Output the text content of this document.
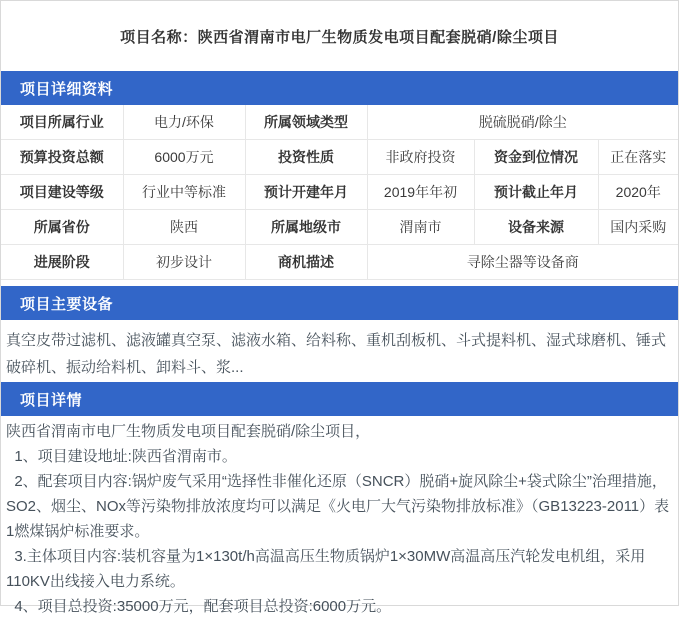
项目名称：陕西省渭南市电厂生物质发电项目配套脱硝/除尘项目
项目详细资料
项目所属行业	电力/环保	所属领域类型	脱硫脱硝/除尘		
预算投资总额	6000万元	投资性质	非政府投资	资金到位情况	正在落实
项目建设等级	行业中等标准	预计开建年月	2019年年初	预计截止年月	2020年
所属省份	陕西	所属地级市	渭南市	设备来源	国内采购
进展阶段	初步设计	商机描述	寻除尘器等设备商		
项目主要设备
真空皮带过滤机、滤液罐真空泵、滤液水箱、给料称、重机刮板机、斗式提料机、湿式球磨机、锤式破碎机、振动给料机、卸料斗、浆...
项目详情

陕西省渭南市电厂生物质发电项目配套脱硝/除尘项目，

1、项目建设地址:陕西省渭南市。

2、配套项目内容:锅炉废气采用“选择性非催化还原（SNCR）脱硝+旋风除尘+袋式除尘”治理措施，SO2、烟尘、NOx等污染物排放浓度均可以满足《火电厂大气污染物排放标准》（GB13223-2011）表1燃煤锅炉标准要求。

3.主体项目内容:装机容量为1×130t/h高温高压生物质锅炉1×30MW高温高压汽轮发电机组，采用110KV出线接入电力系统。

4、项目总投资:35000万元，配套项目总投资:6000万元。
